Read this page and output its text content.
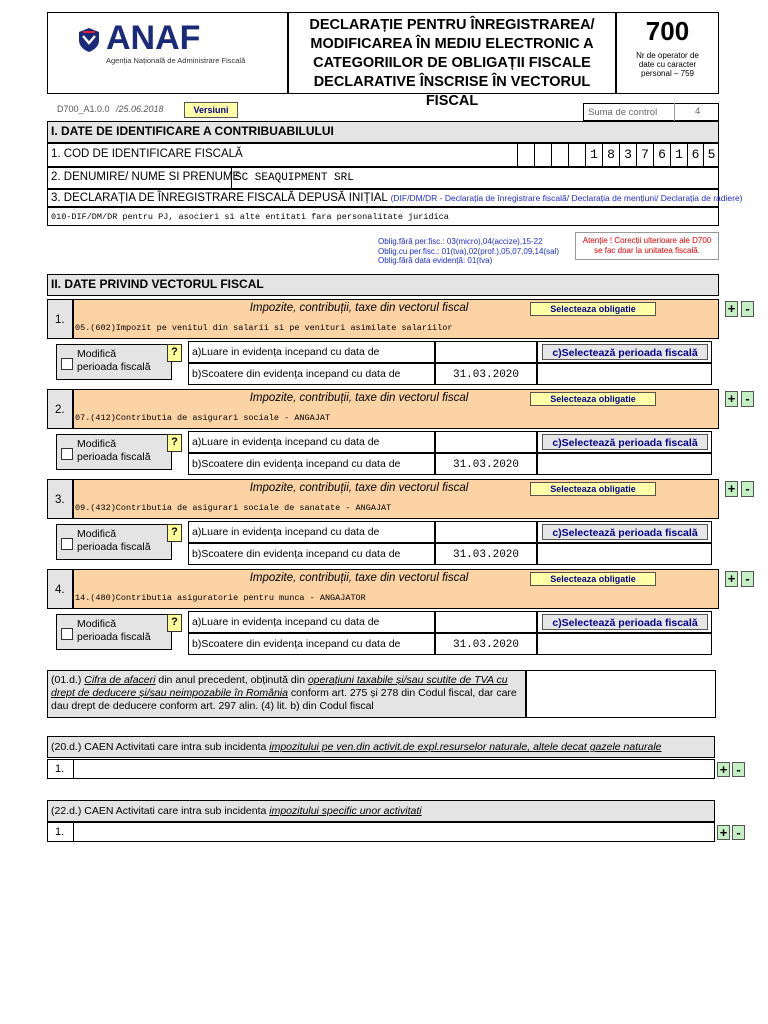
ANAF
Agenția Națională de Administrare Fiscală
DECLARAȚIE PENTRU ÎNREGISTRAREA/
MODIFICAREA ÎN MEDIU ELECTRONIC A
CATEGORIILOR DE OBLIGAȚII FISCALE
DECLARATIVE ÎNSCRISE ÎN VECTORUL FISCAL
700
Nr de operator de date cu caracter personal – 759
D700_A1.0.0 /25.06.2018	Versiuni	Suma de control	4
I. DATE DE IDENTIFICARE A CONTRIBUABILULUI
1. COD DE IDENTIFICARE FISCALĂ	1 8 3 7 6 1 6 5
2. DENUMIRE/ NUME SI PRENUME
SC SEAQUIPMENT SRL
3. DECLARAȚIA DE ÎNREGISTRARE FISCALĂ DEPUSĂ INIȚIAL (DIF/DM/DR - Declarația de înregistrare fiscală/ Declarația de mențiuni/ Declarația de radiere)
010-DIF/DM/DR pentru PJ, asocieri si alte entitati fara personalitate juridica
Oblig.fără per.fisc.: 03(micro),04(accize),15-22
Oblig.cu per.fisc.: 01(tva),02(prof.),05,07,09,14(sal)
Oblig.fără data evidență: 01(tva)
Atenție ! Corecții ulterioare ale D700
se fac doar la unitatea fiscală.
II. DATE PRIVIND VECTORUL FISCAL
1.
Impozite, contribuții, taxe din vectorul fiscal	Selecteaza obligatie	+ -
05.(602)Impozit pe venitul din salarii si pe venituri asimilate salariilor
Modifică perioada fiscală
?	a)Luare in evidența incepand cu data de	c)Selectează perioada fiscală
b)Scoatere din evidența incepand cu data de	31.03.2020
2.
Impozite, contribuții, taxe din vectorul fiscal	Selecteaza obligatie	+ -
07.(412)Contributia de asigurari sociale - ANGAJAT
Modifică perioada fiscală
?	a)Luare in evidența incepand cu data de	c)Selectează perioada fiscală
b)Scoatere din evidența incepand cu data de	31.03.2020
3.
Impozite, contribuții, taxe din vectorul fiscal	Selecteaza obligatie	+ -
09.(432)Contributia de asigurari sociale de sanatate - ANGAJAT
Modifică perioada fiscală
?	a)Luare in evidența incepand cu data de	c)Selectează perioada fiscală
b)Scoatere din evidența incepand cu data de	31.03.2020
4.
Impozite, contribuții, taxe din vectorul fiscal	Selecteaza obligatie	+ -
14.(480)Contributia asiguratorie pentru munca - ANGAJATOR
Modifică perioada fiscală
?	a)Luare in evidența incepand cu data de	c)Selectează perioada fiscală
b)Scoatere din evidența incepand cu data de	31.03.2020
(01.d.) Cifra de afaceri din anul precedent, obținută din operațiuni taxabile și/sau scutite de TVA cu drept de deducere și/sau neimpozabile în România conform art. 275 și 278 din Codul fiscal, dar care dau drept de deducere conform art. 297 alin. (4) lit. b) din Codul fiscal
(20.d.) CAEN Activitati care intra sub incidenta impozitului pe ven.din activit.de expl.resurselor naturale, altele decat gazele naturale
1.	+ -
(22.d.) CAEN Activitati care intra sub incidenta impozitului specific unor activitati
1.	+ -
